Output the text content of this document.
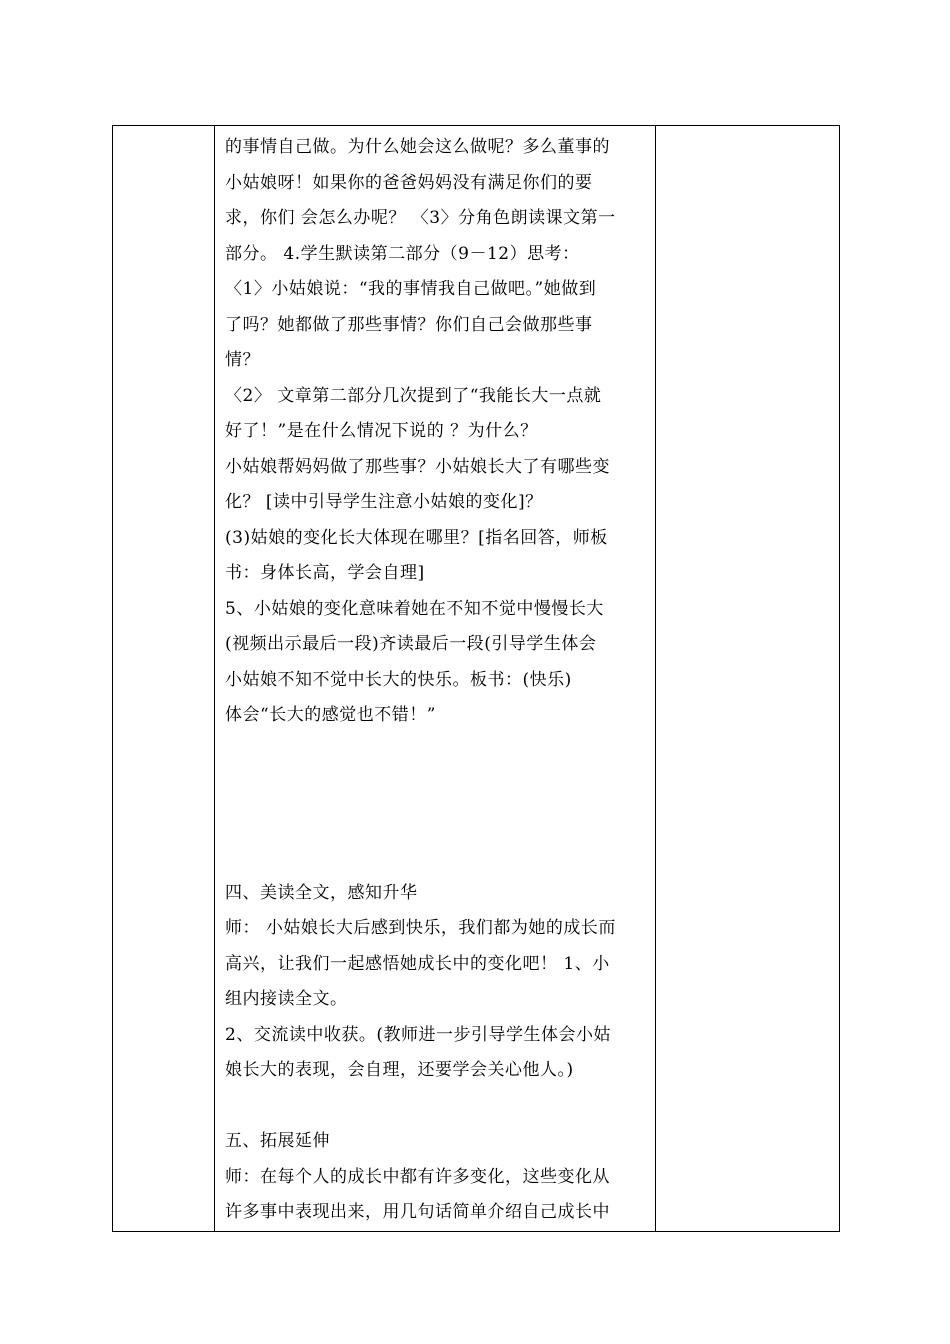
的事情自己做。为什么她会这么做呢？多么董事的
小姑娘呀！如果你的爸爸妈妈没有满足你们的要
求，你们 会怎么办呢？ 〈3〉分角色朗读课文第一
部分。 4.学生默读第二部分（9－12）思考：
〈1〉小姑娘说：“我的事情我自己做吧。”她做到
了吗？她都做了那些事情？你们自己会做那些事
情？
〈2〉 文章第二部分几次提到了“我能长大一点就
好了！”是在什么情况下说的 ？为什么？
小姑娘帮妈妈做了那些事？小姑娘长大了有哪些变
化？ [读中引导学生注意小姑娘的变化]？
(3)姑娘的变化长大体现在哪里？[指名回答，师板
书：身体长高，学会自理]
5、小姑娘的变化意味着她在不知不觉中慢慢长大
(视频出示最后一段)齐读最后一段(引导学生体会
小姑娘不知不觉中长大的快乐。板书：(快乐)
体会“长大的感觉也不错！”
四、美读全文，感知升华
师： 小姑娘长大后感到快乐，我们都为她的成长而
高兴，让我们一起感悟她成长中的变化吧！ 1、小
组内接读全文。
2、交流读中收获。(教师进一步引导学生体会小姑
娘长大的表现，会自理，还要学会关心他人。)
五、拓展延伸
师：在每个人的成长中都有许多变化，这些变化从
许多事中表现出来，用几句话简单介绍自己成长中
